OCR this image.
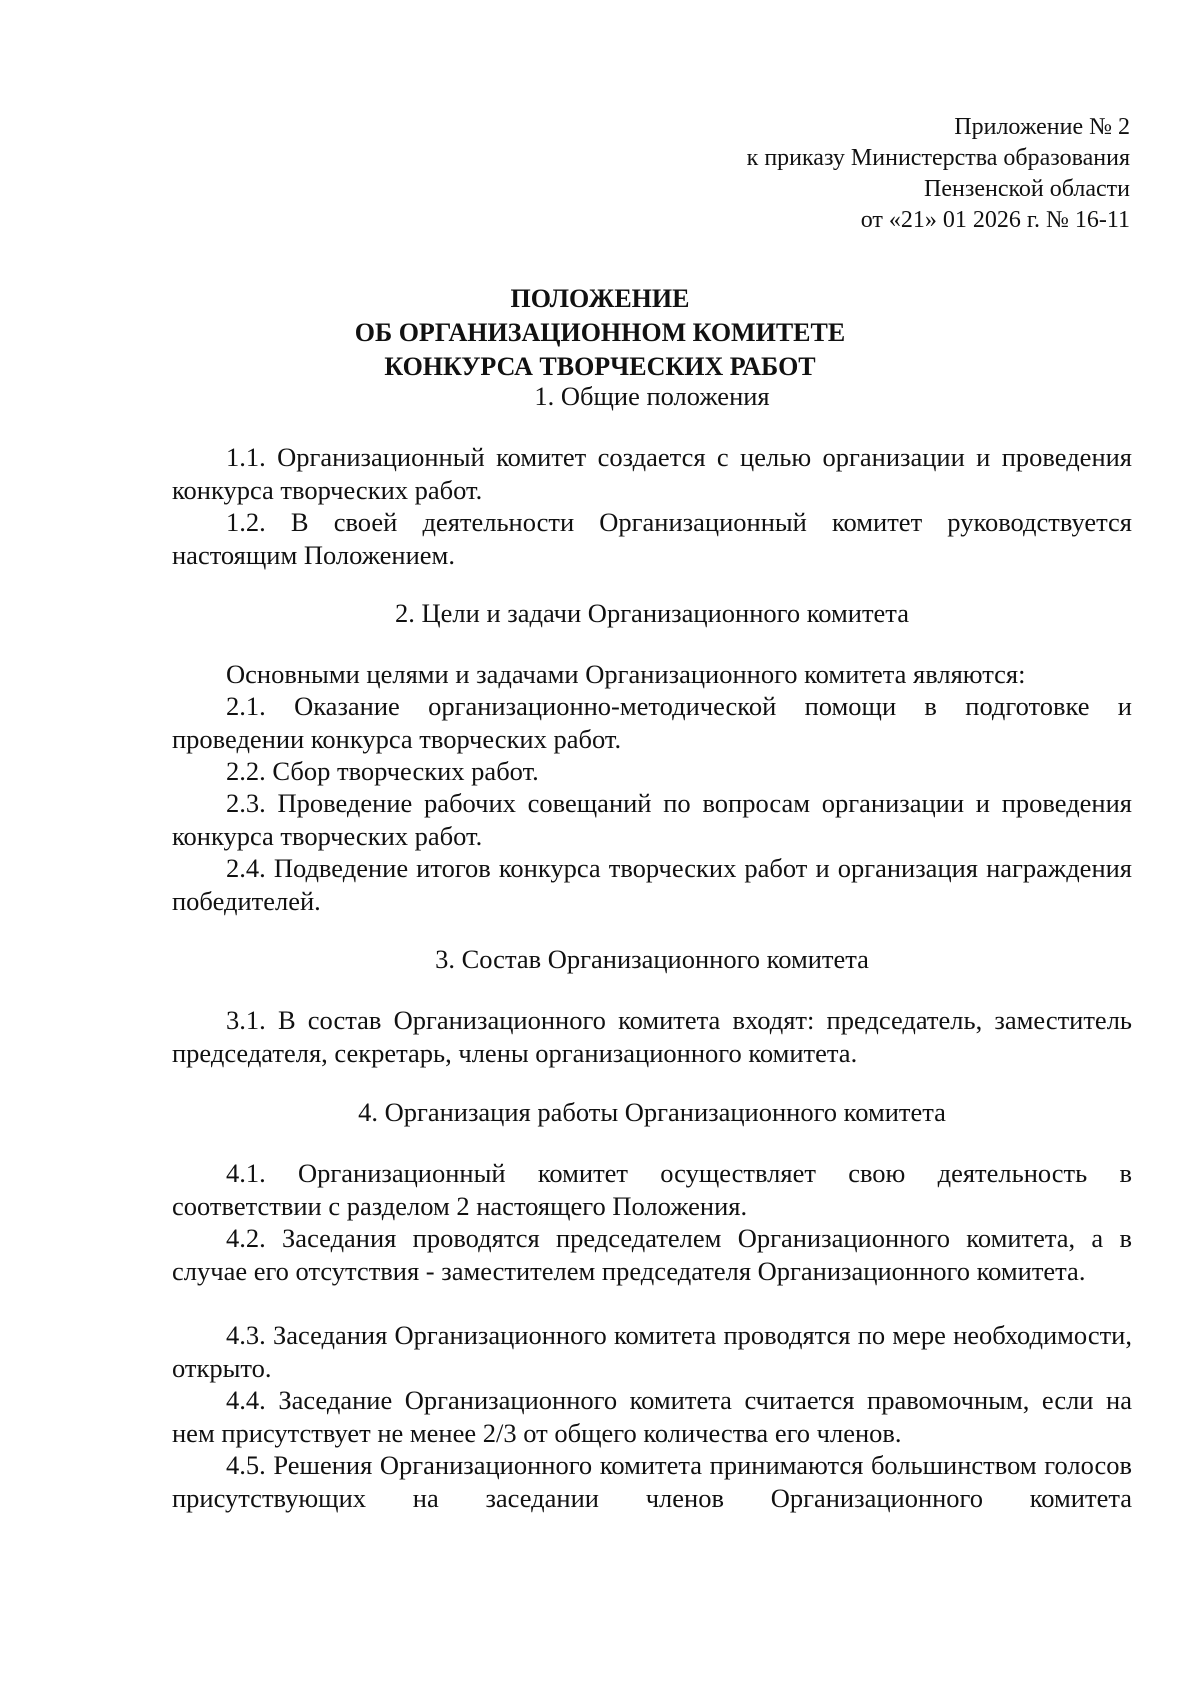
Приложение № 2
к приказу Министерства образования
Пензенской области
от «21» 01 2026 г. № 16-11
ПОЛОЖЕНИЕ
ОБ ОРГАНИЗАЦИОННОМ КОМИТЕТЕ
КОНКУРСА ТВОРЧЕСКИХ РАБОТ
1. Общие положения
1.1. Организационный комитет создается с целью организации и проведения конкурса творческих работ.
1.2. В своей деятельности Организационный комитет руководствуется настоящим Положением.
2. Цели и задачи Организационного комитета
Основными целями и задачами Организационного комитета являются:
2.1. Оказание организационно-методической помощи в подготовке и проведении конкурса творческих работ.
2.2. Сбор творческих работ.
2.3. Проведение рабочих совещаний по вопросам организации и проведения конкурса творческих работ.
2.4. Подведение итогов конкурса творческих работ и организация награждения победителей.
3. Состав Организационного комитета
3.1. В состав Организационного комитета входят: председатель, заместитель председателя, секретарь, члены организационного комитета.
4. Организация работы Организационного комитета
4.1. Организационный комитет осуществляет свою деятельность в соответствии с разделом 2 настоящего Положения.
4.2. Заседания проводятся председателем Организационного комитета, а в случае его отсутствия - заместителем председателя Организационного комитета.
4.3. Заседания Организационного комитета проводятся по мере необходимости, открыто.
4.4. Заседание Организационного комитета считается правомочным, если на нем присутствует не менее 2/3 от общего количества его членов.
4.5. Решения Организационного комитета принимаются большинством голосов присутствующих на заседании членов Организационного комитета
